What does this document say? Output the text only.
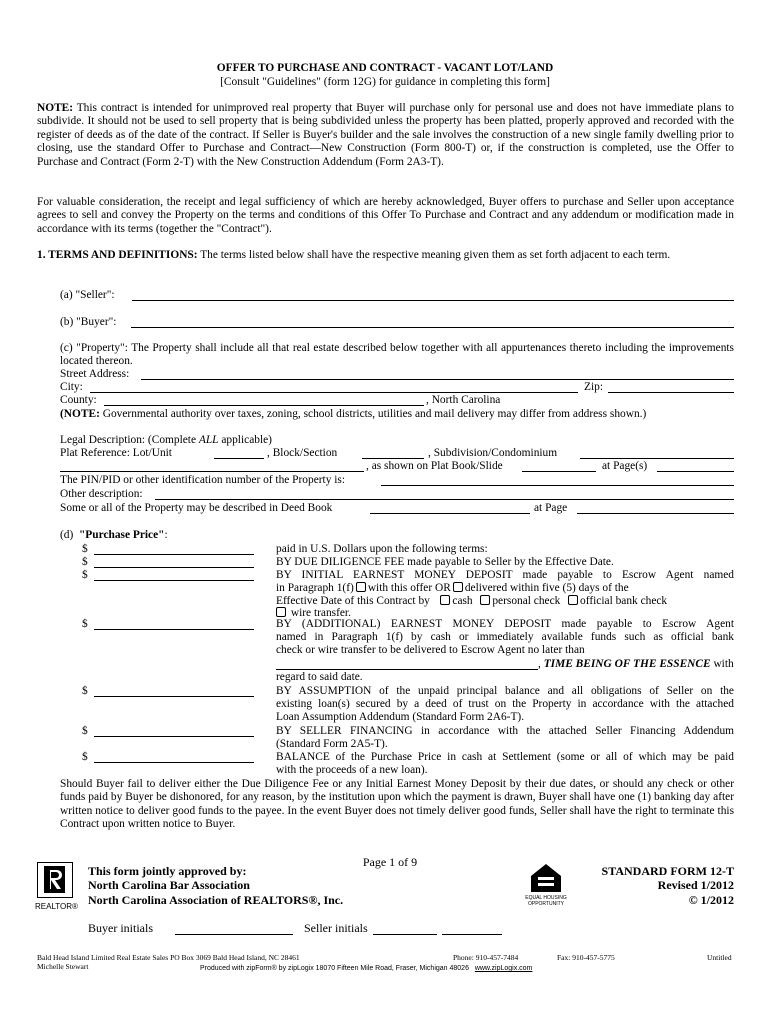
OFFER TO PURCHASE AND CONTRACT - VACANT LOT/LAND
[Consult "Guidelines" (form 12G) for guidance in completing this form]
NOTE: This contract is intended for unimproved real property that Buyer will purchase only for personal use and does not have immediate plans to subdivide. It should not be used to sell property that is being subdivided unless the property has been platted, properly approved and recorded with the register of deeds as of the date of the contract. If Seller is Buyer's builder and the sale involves the construction of a new single family dwelling prior to closing, use the standard Offer to Purchase and Contract—New Construction (Form 800-T) or, if the construction is completed, use the Offer to Purchase and Contract (Form 2-T) with the New Construction Addendum (Form 2A3-T).
For valuable consideration, the receipt and legal sufficiency of which are hereby acknowledged, Buyer offers to purchase and Seller upon acceptance agrees to sell and convey the Property on the terms and conditions of this Offer To Purchase and Contract and any addendum or modification made in accordance with its terms (together the "Contract").
1. TERMS AND DEFINITIONS: The terms listed below shall have the respective meaning given them as set forth adjacent to each term.
(a) "Seller":
(b) "Buyer":
(c) "Property": The Property shall include all that real estate described below together with all appurtenances thereto including the improvements located thereon.
Street Address:
City:	Zip:
County:	, North Carolina
(NOTE: Governmental authority over taxes, zoning, school districts, utilities and mail delivery may differ from address shown.)
Legal Description: (Complete ALL applicable)
Plat Reference: Lot/Unit	, Block/Section	, Subdivision/Condominium
, as shown on Plat Book/Slide	at Page(s)
The PIN/PID or other identification number of the Property is:
Other description:
Some or all of the Property may be described in Deed Book	at Page
(d)  "Purchase Price":
$	paid in U.S. Dollars upon the following terms:
$	BY DUE DILIGENCE FEE made payable to Seller by the Effective Date.
$	BY INITIAL EARNEST MONEY DEPOSIT made payable to Escrow Agent named
in Paragraph 1(f) with this offer OR delivered within five (5) days of the
Effective Date of this Contract by cash personal check official bank check
wire transfer.
$	BY (ADDITIONAL) EARNEST MONEY DEPOSIT made payable to Escrow Agent
named in Paragraph 1(f) by cash or immediately available funds such as official bank
check or wire transfer to be delivered to Escrow Agent no later than
, TIME BEING OF THE ESSENCE with
regard to said date.
$	BY ASSUMPTION of the unpaid principal balance and all obligations of Seller on the
existing loan(s) secured by a deed of trust on the Property in accordance with the attached
Loan Assumption Addendum (Standard Form 2A6-T).
$	BY SELLER FINANCING in accordance with the attached Seller Financing Addendum
(Standard Form 2A5-T).
$	BALANCE of the Purchase Price in cash at Settlement (some or all of which may be paid
with the proceeds of a new loan).
Should Buyer fail to deliver either the Due Diligence Fee or any Initial Earnest Money Deposit by their due dates, or should any check or other funds paid by Buyer be dishonored, for any reason, by the institution upon which the payment is drawn, Buyer shall have one (1) banking day after written notice to deliver good funds to the payee. In the event Buyer does not timely deliver good funds, Seller shall have the right to terminate this Contract upon written notice to Buyer.
Page 1 of 9
REALTOR®
This form jointly approved by:
North Carolina Bar Association
North Carolina Association of REALTORS®, Inc.	EQUAL HOUSING
OPPORTUNITY
STANDARD FORM 12-T
Revised 1/2012
© 1/2012
Buyer initials	Seller initials
Bald Head Island Limited Real Estate Sales PO Box 3069 Bald Head Island, NC 28461
Michelle Stewart
Phone: 910-457-7484	Fax: 910-457-5775	Untitled
Produced with zipForm® by zipLogix 18070 Fifteen Mile Road, Fraser, Michigan 48026 www.zipLogix.com
